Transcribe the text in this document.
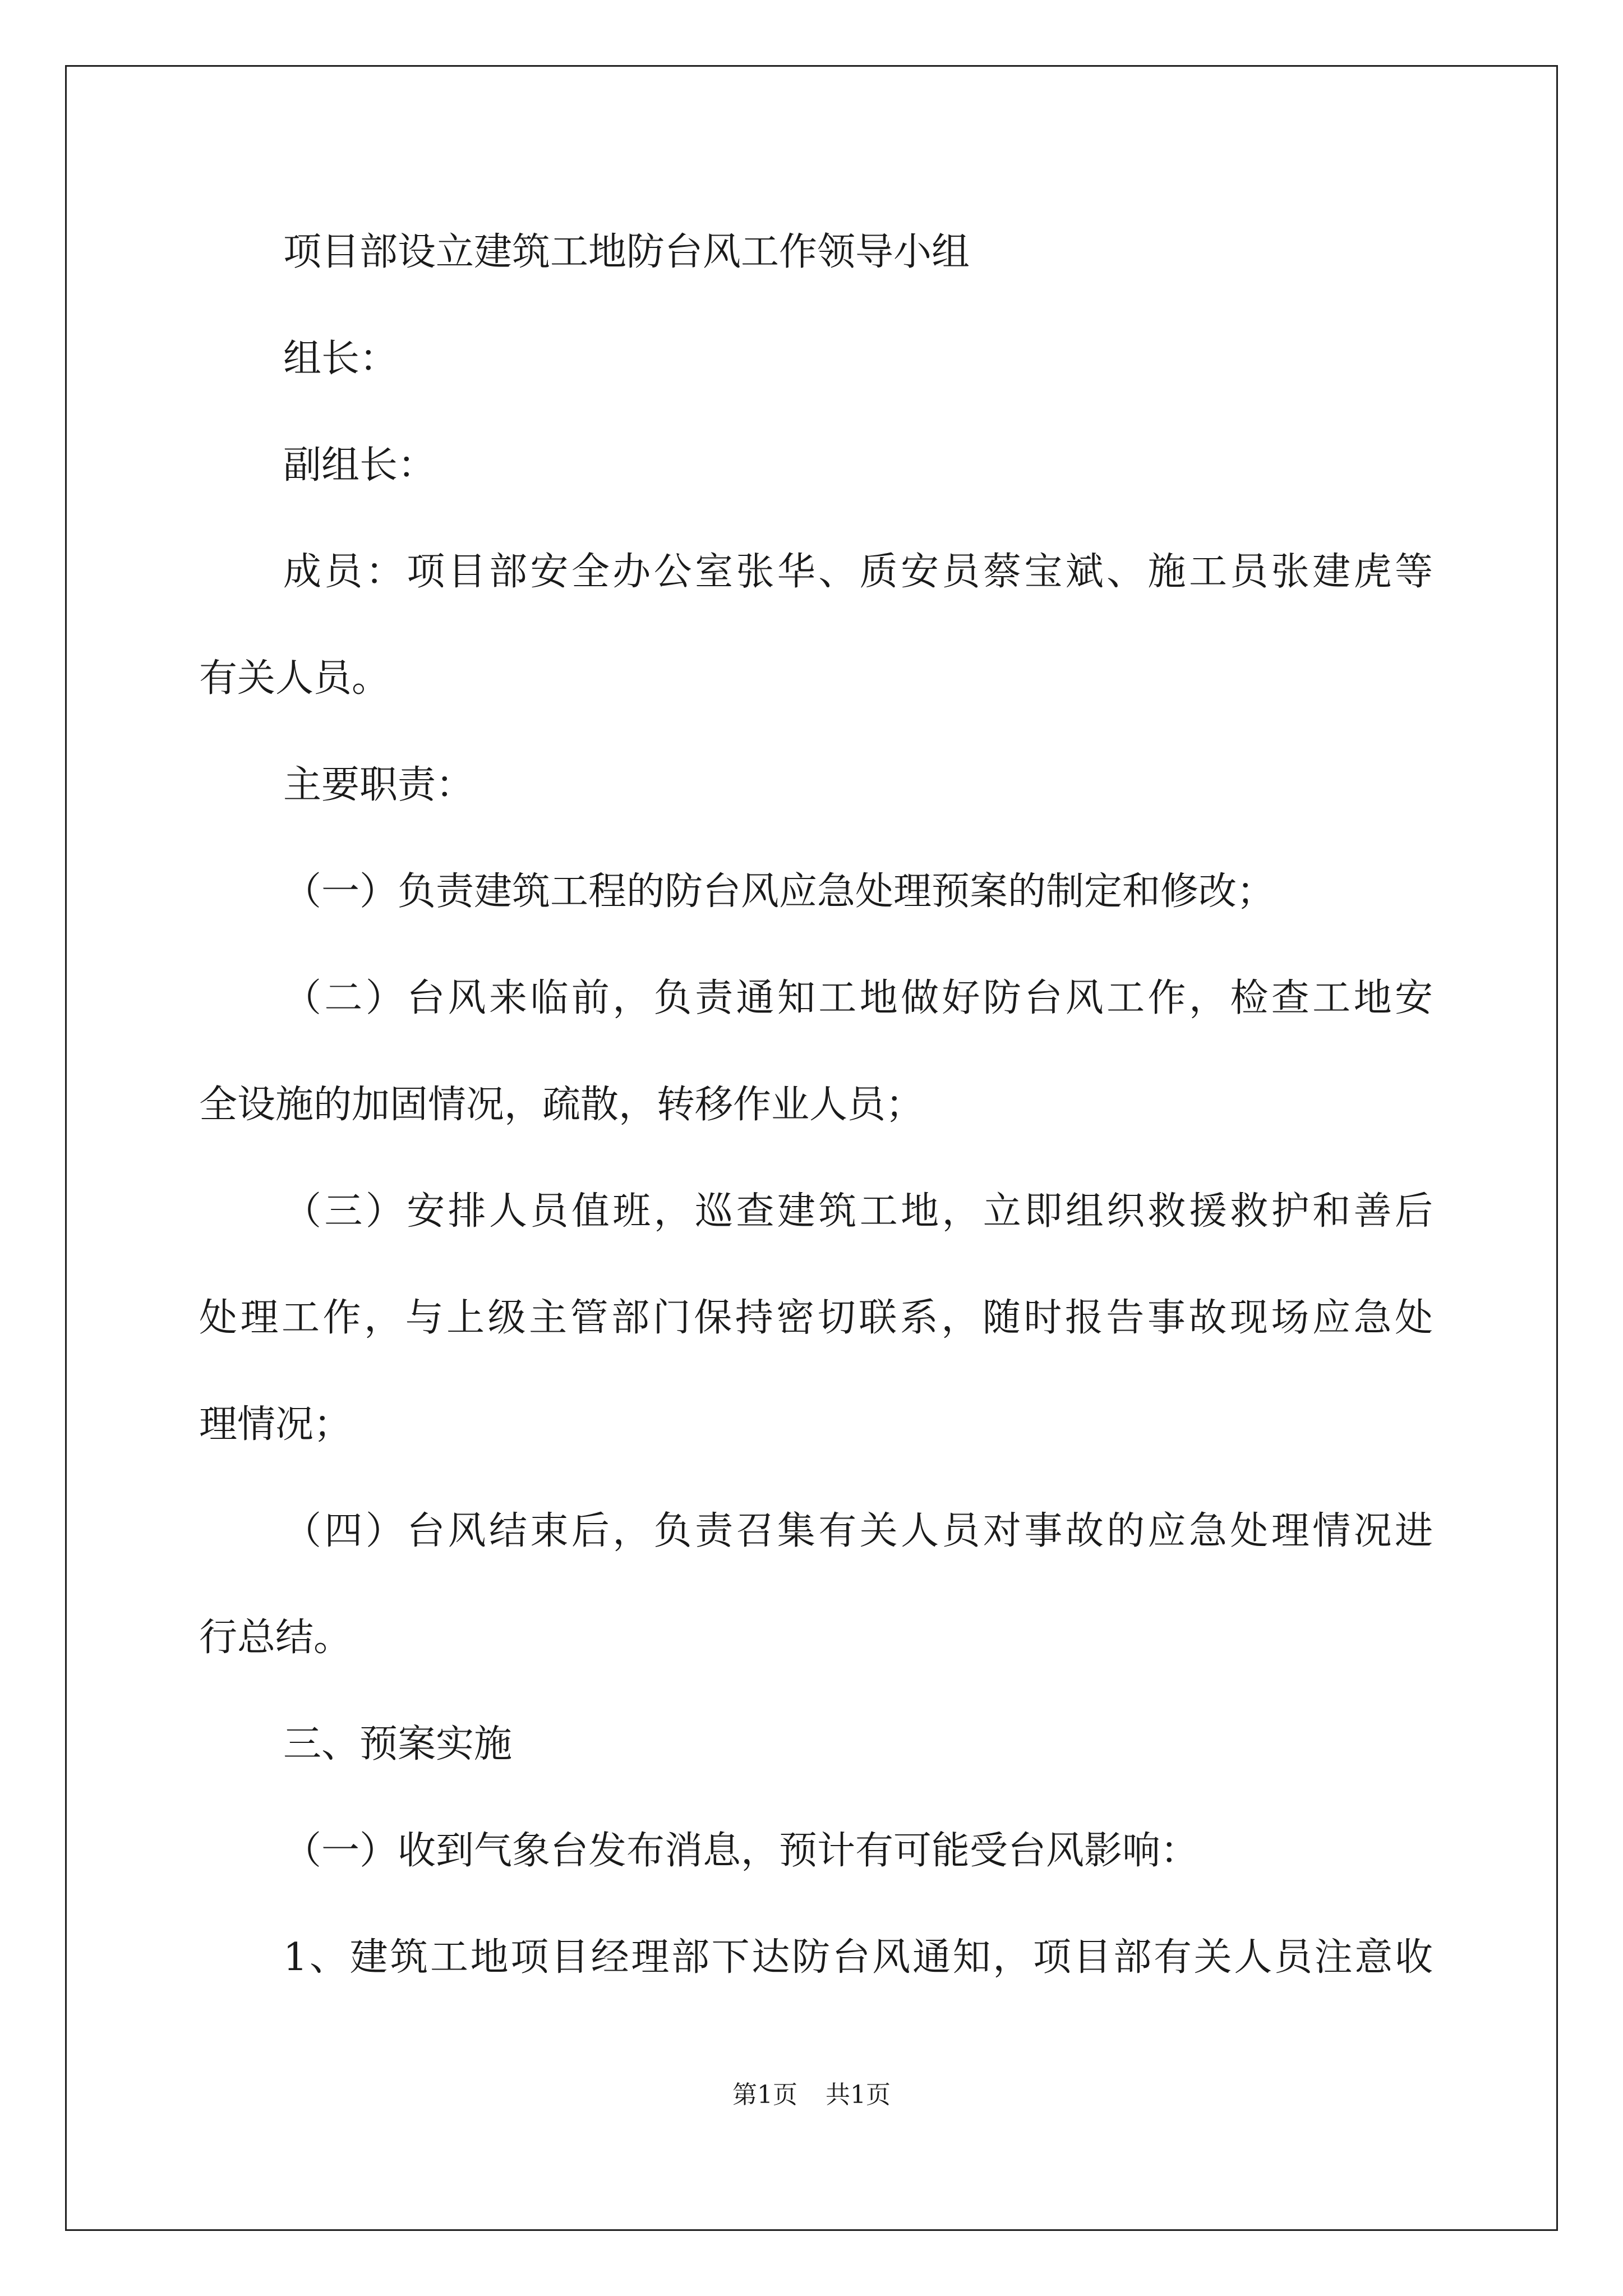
项目部设立建筑工地防台风工作领导小组

组长：

副组长：

成员：项目部安全办公室张华、质安员蔡宝斌、施工员张建虎等

有关人员。

主要职责：

（一）负责建筑工程的防台风应急处理预案的制定和修改；

（二）台风来临前，负责通知工地做好防台风工作，检查工地安

全设施的加固情况，疏散，转移作业人员；

（三）安排人员值班，巡查建筑工地，立即组织救援救护和善后

处理工作，与上级主管部门保持密切联系，随时报告事故现场应急处

理情况；

（四）台风结束后，负责召集有关人员对事故的应急处理情况进

行总结。

三、预案实施

（一）收到气象台发布消息，预计有可能受台风影响：

1、建筑工地项目经理部下达防台风通知，项目部有关人员注意收

第1页 共1页
